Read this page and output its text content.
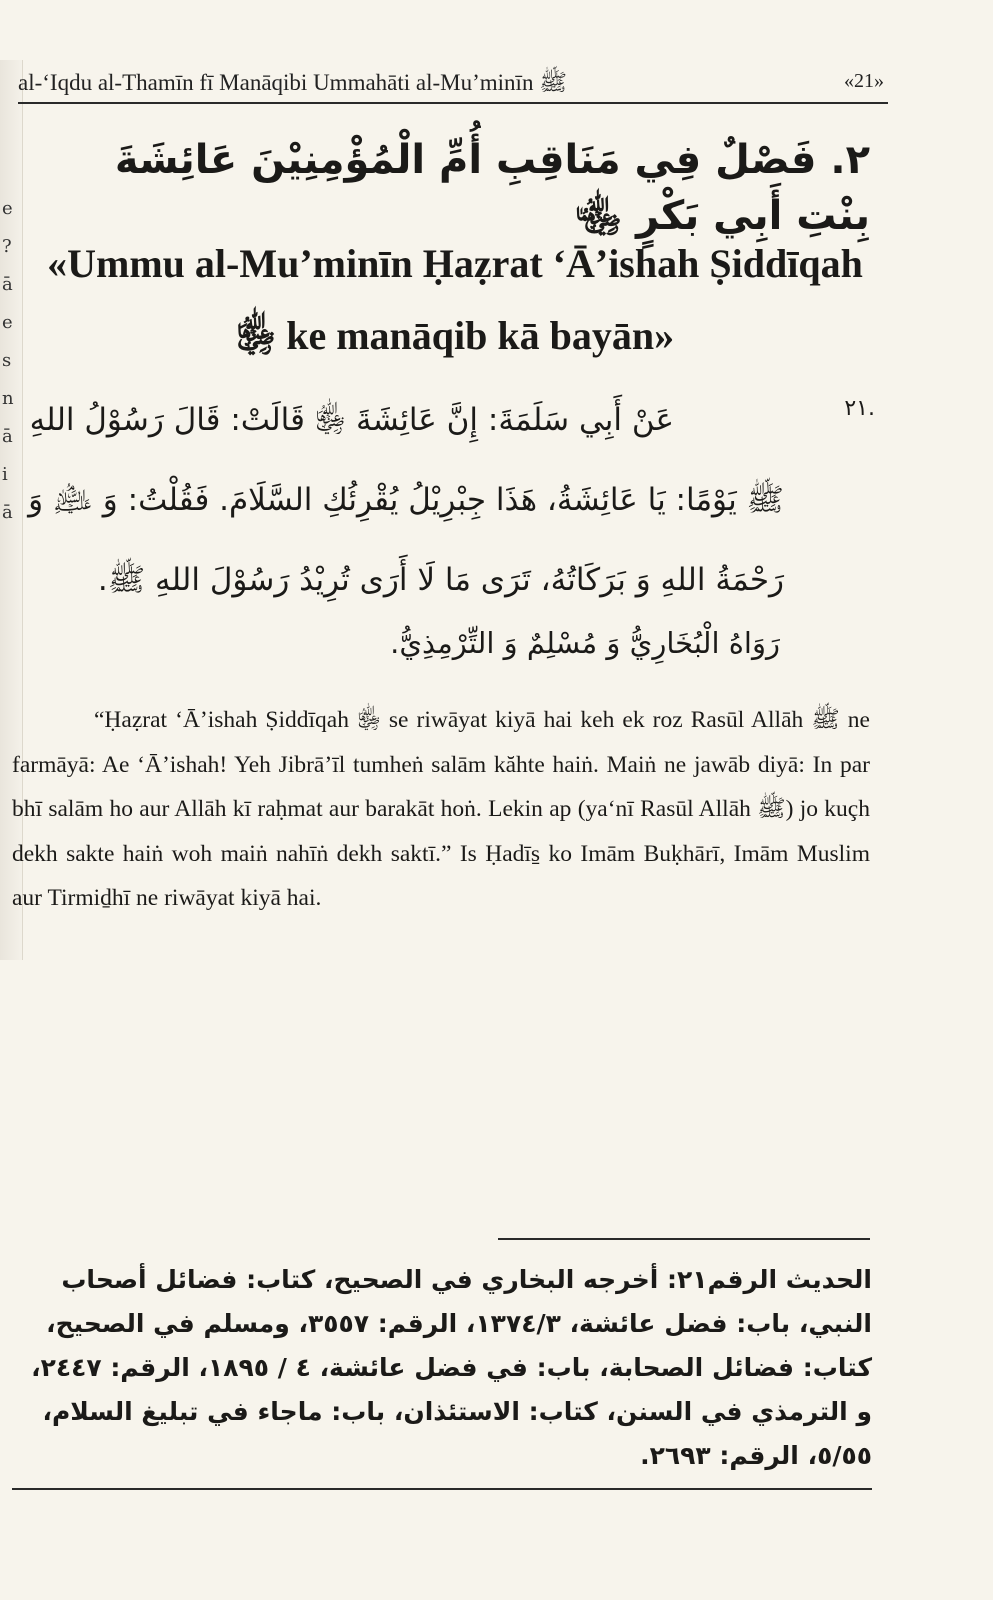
e
?
ā
e
s
n
ā
i
ā
al-‘Iqdu al-Thamīn fī Manāqibi Ummahāti al-Mu’minīn ﷺ	«21»
٢. فَصْلٌ فِي مَنَاقِبِ أُمِّ الْمُؤْمِنِيْنَ عَائِشَةَ بِنْتِ أَبِي بَكْرٍ ﵄
«Ummu al-Mu’minīn Ḥaẓrat ‘Ā’ishah Ṣiddīqah ﵂ ke manāqib kā bayān»
٢١.
عَنْ أَبِي سَلَمَةَ: إِنَّ عَائِشَةَ ﵂ قَالَتْ: قَالَ رَسُوْلُ اللهِ ﷺ يَوْمًا: يَا عَائِشَةُ، هَذَا جِبْرِيْلُ يُقْرِئُكِ السَّلَامَ. فَقُلْتُ: وَ ﵇ وَ رَحْمَةُ اللهِ وَ بَرَكَاتُهُ، تَرَى مَا لَا أَرَى تُرِيْدُ رَسُوْلَ اللهِ ﷺ.
رَوَاهُ الْبُخَارِيُّ وَ مُسْلِمٌ وَ التِّرْمِذِيُّ.
“Ḥaẓrat ‘Ā’ishah Ṣiddīqah ﵂ se riwāyat kiyā hai keh ek roz Rasūl Allāh ﷺ ne farmāyā: Ae ‘Ā’ishah! Yeh Jibrā’īl tumheṅ salām kăhte haiṅ. Maiṅ ne jawāb diyā: In par bhī salām ho aur Allāh kī raḥmat aur barakāt hoṅ. Lekin ap (ya‘nī Rasūl Allāh ﷺ) jo kuçh dekh sakte haiṅ woh maiṅ nahīṅ dekh saktī.” Is Ḥadīs̱ ko Imām Buḳhārī, Imām Muslim aur Tirmiḏhī ne riwāyat kiyā hai.
الحديث الرقم٢١: أخرجه البخاري في الصحيح، كتاب: فضائل أصحاب النبي، باب: فضل عائشة، ١٣٧٤/٣، الرقم: ٣٥٥٧، ومسلم في الصحيح، كتاب: فضائل الصحابة، باب: في فضل عائشة، ٤ / ١٨٩٥، الرقم: ٢٤٤٧، و الترمذي في السنن، كتاب: الاستئذان، باب: ماجاء في تبليغ السلام، ٥/٥٥، الرقم: ٢٦٩٣.
